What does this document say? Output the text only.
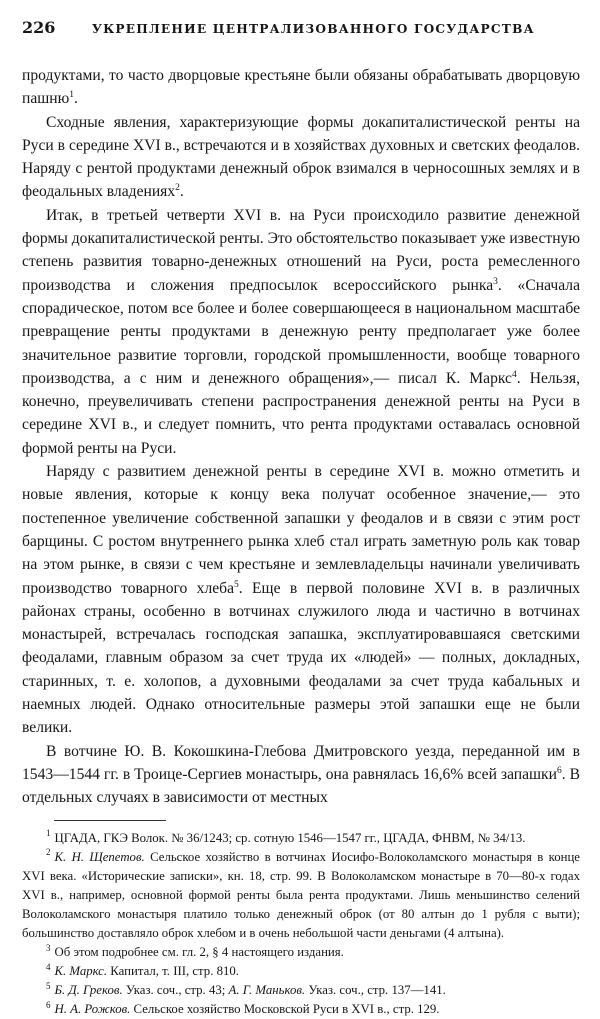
226	УКРЕПЛЕНИЕ ЦЕНТРАЛИЗОВАННОГО ГОСУДАРСТВА

продуктами, то часто дворцовые крестьяне были обязаны обрабатывать дворцовую пашню$^1$.

Сходные явления, характеризующие формы докапиталистической ренты на Руси в середине XVI в., встречаются и в хозяйствах духовных и светских феодалов. Наряду с рентой продуктами денежный оброк взимался в черносошных землях и в феодальных владениях$^2$.

Итак, в третьей четверти XVI в. на Руси происходило развитие денежной формы докапиталистической ренты. Это обстоятельство показывает уже известную степень развития товарно-денежных отношений на Руси, роста ремесленного производства и сложения предпосылок всероссийского рынка$^3$. «Сначала спорадическое, потом все более и более совершающееся в национальном масштабе превращение ренты продуктами в денежную ренту предполагает уже более значительное развитие торговли, городской промышленности, вообще товарного производства, а с ним и денежного обращения»,— писал К. Маркс$^4$. Нельзя, конечно, преувеличивать степени распространения денежной ренты на Руси в середине XVI в., и следует помнить, что рента продуктами оставалась основной формой ренты на Руси.

Наряду с развитием денежной ренты в середине XVI в. можно отметить и новые явления, которые к концу века получат особенное значение,— это постепенное увеличение собственной запашки у феодалов и в связи с этим рост барщины. С ростом внутреннего рынка хлеб стал играть заметную роль как товар на этом рынке, в связи с чем крестьяне и землевладельцы начинали увеличивать производство товарного хлеба$^5$. Еще в первой половине XVI в. в различных районах страны, особенно в вотчинах служилого люда и частично в вотчинах монастырей, встречалась господская запашка, эксплуатировавшаяся светскими феодалами, главным образом за счет труда их «людей» — полных, докладных, старинных, т. е. холопов, а духовными феодалами за счет труда кабальных и наемных людей. Однако относительные размеры этой запашки еще не были велики.

В вотчине Ю. В. Кокошкина-Глебова Дмитровского уезда, переданной им в 1543—1544 гг. в Троице-Сергиев монастырь, она равнялась 16,6% всей запашки$^6$. В отдельных случаях в зависимости от местных

$^1$ ЦГАДА, ГКЭ Волок. № 36/1243; ср. сотную 1546—1547 гг., ЦГАДА, ФНВМ, № 34/13.

$^2$ К. Н. Щепетов. Сельское хозяйство в вотчинах Иосифо-Волоколамского монастыря в конце XVI века. «Исторические записки», кн. 18, стр. 99. В Волоколамском монастыре в 70—80-х годах XVI в., например, основной формой ренты была рента продуктами. Лишь меньшинство селений Волоколамского монастыря платило только денежный оброк (от 80 алтын до 1 рубля с выти); большинство доставляло оброк хлебом и в очень небольшой части деньгами (4 алтына).

$^3$ Об этом подробнее см. гл. 2, § 4 настоящего издания.

$^4$ К. Маркс. Капитал, т. III, стр. 810.

$^5$ Б. Д. Греков. Указ. соч., стр. 43; А. Г. Маньков. Указ. соч., стр. 137—141.

$^6$ Н. А. Рожков. Сельское хозяйство Московской Руси в XVI в., стр. 129.
